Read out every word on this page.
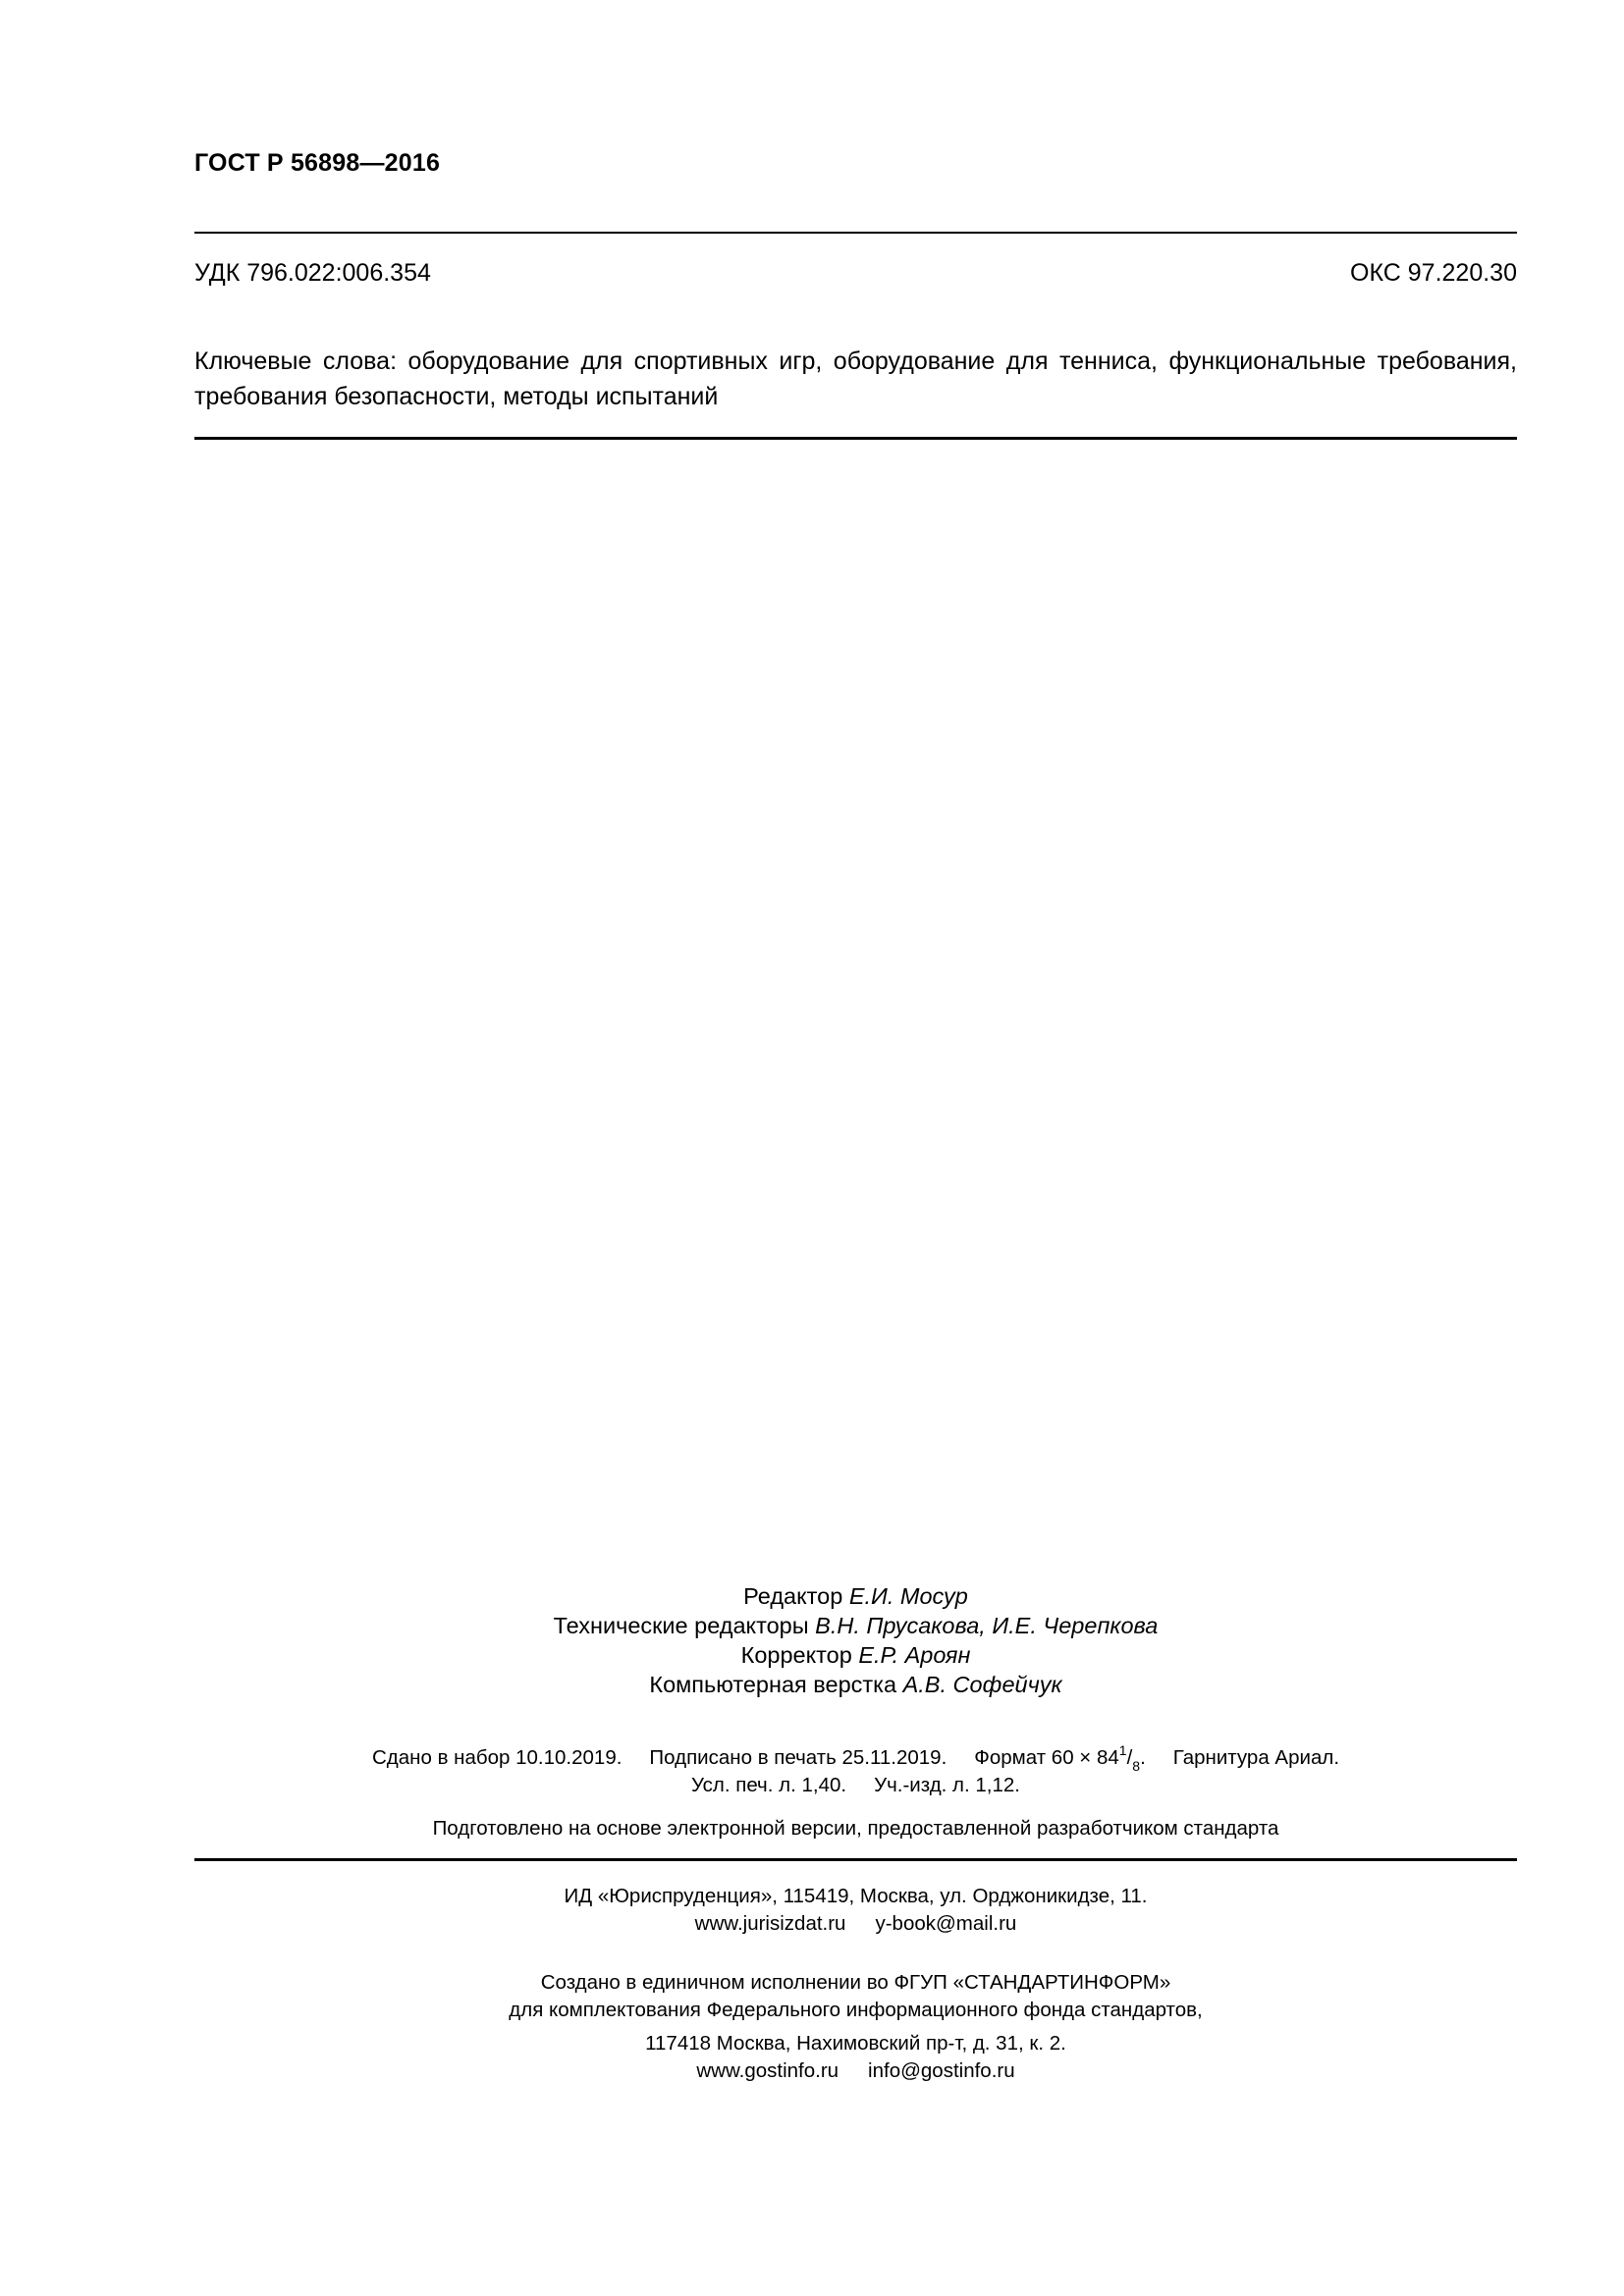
ГОСТ Р 56898—2016
УДК 796.022:006.354	ОКС 97.220.30
Ключевые слова: оборудование для спортивных игр, оборудование для тенниса, функциональные требования, требования безопасности, методы испытаний
Редактор Е.И. Мосур
Технические редакторы В.Н. Прусакова, И.Е. Черепкова
Корректор Е.Р. Ароян
Компьютерная верстка А.В. Софейчук
Сдано в набор 10.10.2019. Подписано в печать 25.11.2019. Формат $60 \times 84^1/_8$. Гарнитура Ариал.
Усл. печ. л. 1,40. Уч.-изд. л. 1,12.
Подготовлено на основе электронной версии, предоставленной разработчиком стандарта
ИД «Юриспруденция», 115419, Москва, ул. Орджоникидзе, 11.
www.jurisizdat.ru y-book@mail.ru
Создано в единичном исполнении во ФГУП «СТАНДАРТИНФОРМ»
для комплектования Федерального информационного фонда стандартов,
117418 Москва, Нахимовский пр-т, д. 31, к. 2.
www.gostinfo.ru info@gostinfo.ru
